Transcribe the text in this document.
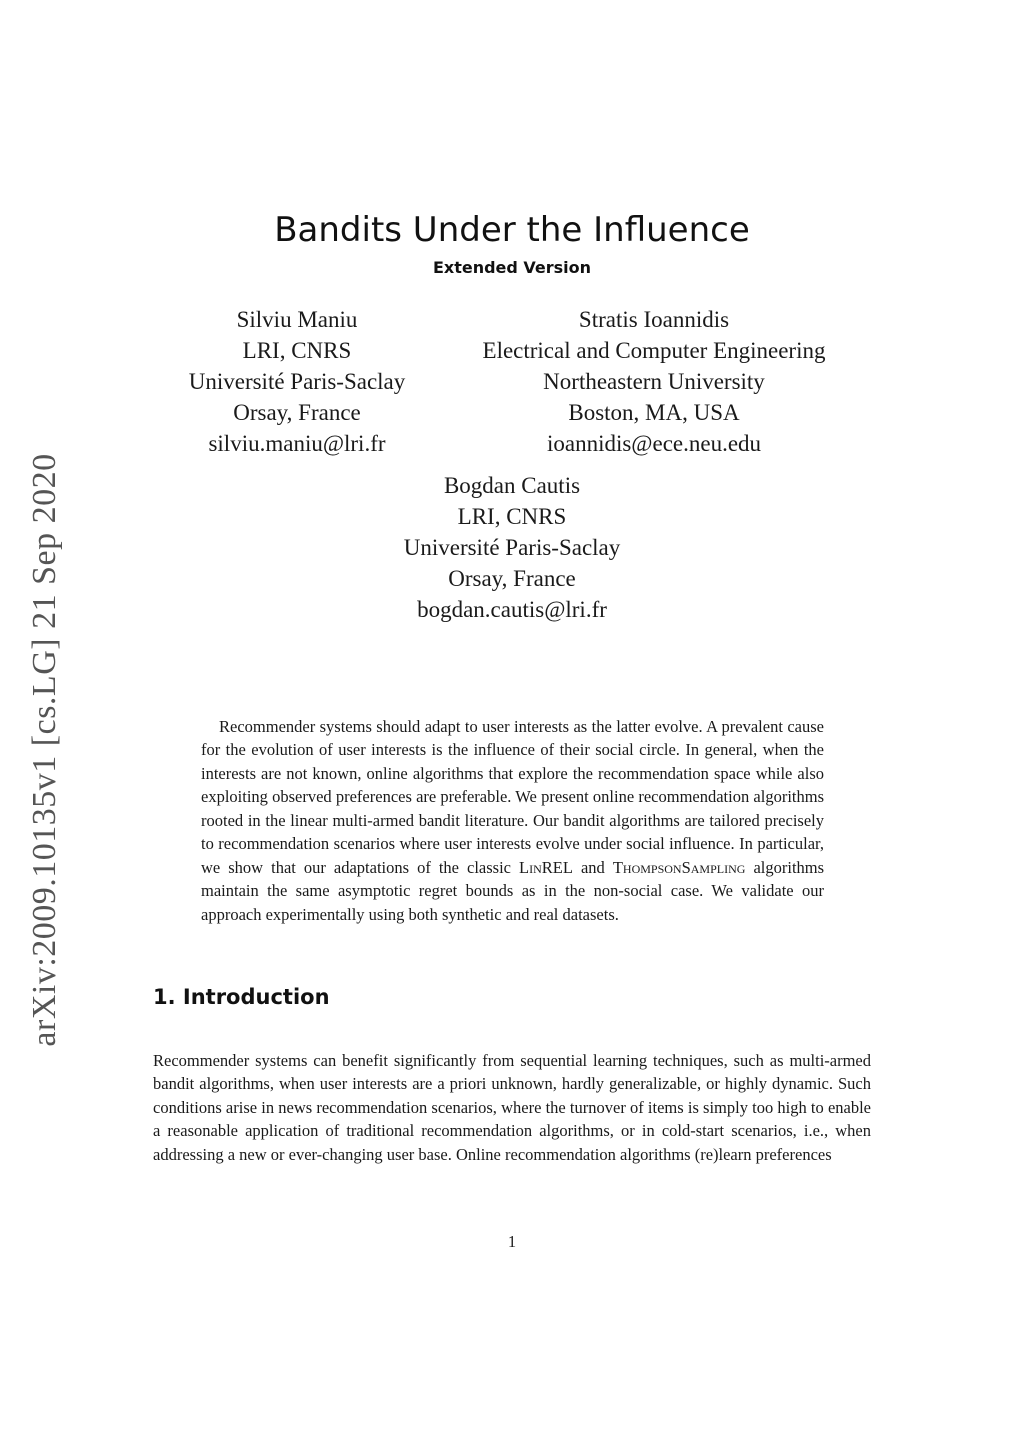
arXiv:2009.10135v1 [cs.LG] 21 Sep 2020
Bandits Under the Influence
Extended Version
Silviu Maniu
LRI, CNRS
Université Paris-Saclay
Orsay, France
silviu.maniu@lri.fr
Stratis Ioannidis
Electrical and Computer Engineering
Northeastern University
Boston, MA, USA
ioannidis@ece.neu.edu
Bogdan Cautis
LRI, CNRS
Université Paris-Saclay
Orsay, France
bogdan.cautis@lri.fr

Recommender systems should adapt to user interests as the latter evolve. A prevalent cause for the evolution of user interests is the influence of their social circle. In general, when the interests are not known, online algorithms that explore the recommendation space while also exploiting observed preferences are preferable. We present online recommendation algorithms rooted in the linear multi-armed bandit literature. Our bandit algorithms are tailored precisely to recommendation scenarios where user interests evolve under social influence. In particular, we show that our adaptations of the classic LinREL and ThompsonSampling algorithms maintain the same asymptotic regret bounds as in the non-social case. We validate our approach experimentally using both synthetic and real datasets.

1. Introduction

Recommender systems can benefit significantly from sequential learning techniques, such as multi-armed bandit algorithms, when user interests are a priori unknown, hardly generalizable, or highly dynamic. Such conditions arise in news recommendation scenarios, where the turnover of items is simply too high to enable a reasonable application of traditional recommendation algorithms, or in cold-start scenarios, i.e., when addressing a new or ever-changing user base. Online recommendation algorithms (re)learn preferences

1
